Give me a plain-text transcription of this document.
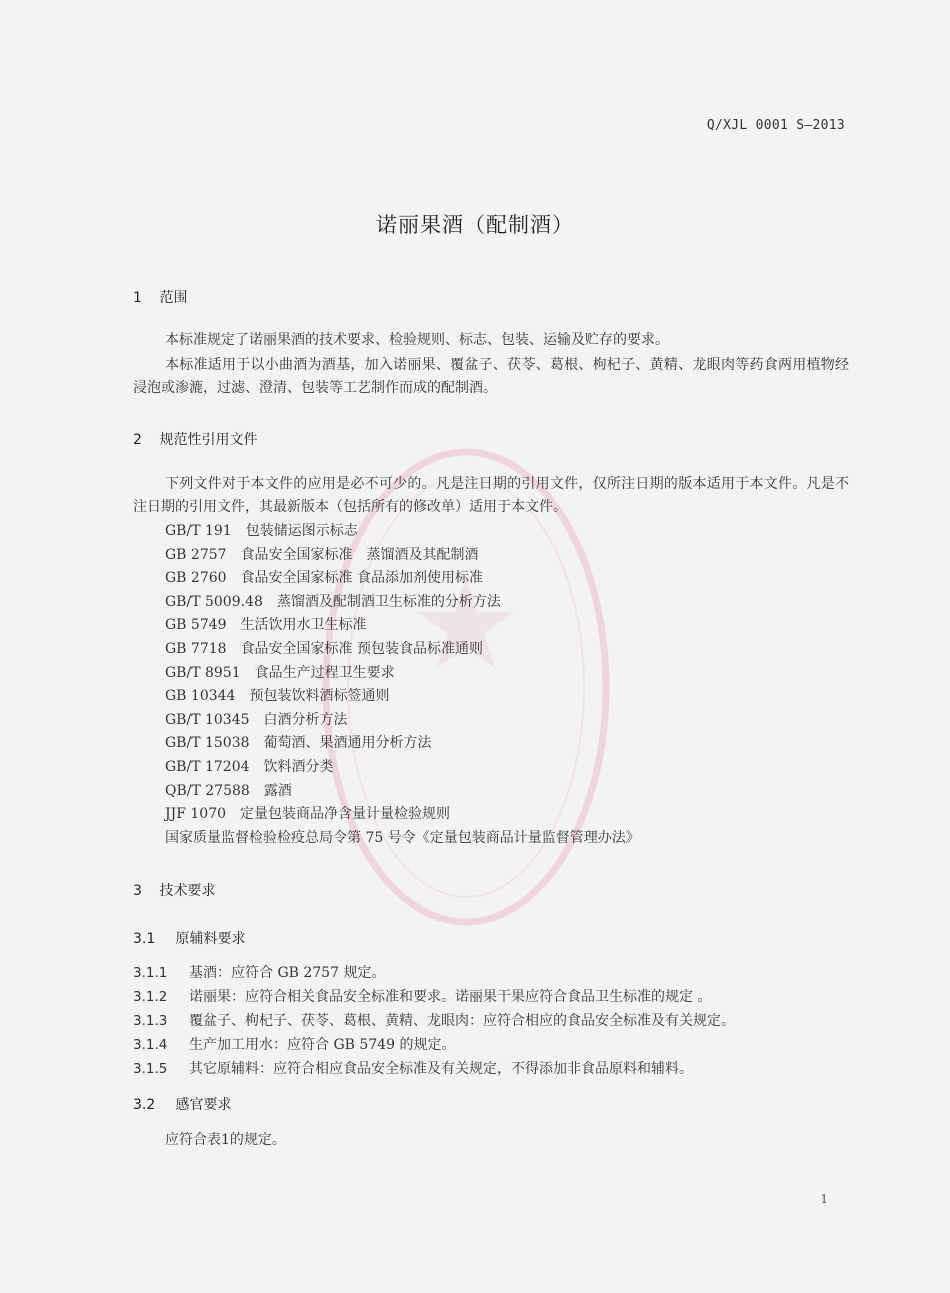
Q/XJL 0001 S—2013
诺丽果酒（配制酒）
1 范围
本标准规定了诺丽果酒的技术要求、检验规则、标志、包装、运输及贮存的要求。
本标准适用于以小曲酒为酒基，加入诺丽果、覆盆子、茯苓、葛根、枸杞子、黄精、龙眼肉等药食两用植物经浸泡或渗漉，过滤、澄清、包装等工艺制作而成的配制酒。
2 规范性引用文件
下列文件对于本文件的应用是必不可少的。凡是注日期的引用文件，仅所注日期的版本适用于本文件。凡是不注日期的引用文件，其最新版本（包括所有的修改单）适用于本文件。
GB/T 191 包装储运图示标志
GB 2757 食品安全国家标准　蒸馏酒及其配制酒
GB 2760 食品安全国家标准 食品添加剂使用标准
GB/T 5009.48 蒸馏酒及配制酒卫生标准的分析方法
GB 5749 生活饮用水卫生标准
GB 7718 食品安全国家标准 预包装食品标准通则
GB/T 8951 食品生产过程卫生要求
GB 10344 预包装饮料酒标签通则
GB/T 10345 白酒分析方法
GB/T 15038 葡萄酒、果酒通用分析方法
GB/T 17204 饮料酒分类
QB/T 27588 露酒
JJF 1070 定量包装商品净含量计量检验规则
国家质量监督检验检疫总局令第 75 号令《定量包装商品计量监督管理办法》
3 技术要求
3.1 原辅料要求
3.1.1 基酒：应符合 GB 2757 规定。
3.1.2 诺丽果：应符合相关食品安全标准和要求。诺丽果干果应符合食品卫生标准的规定 。
3.1.3 覆盆子、枸杞子、茯苓、葛根、黄精、龙眼肉：应符合相应的食品安全标准及有关规定。
3.1.4 生产加工用水：应符合 GB 5749 的规定。
3.1.5 其它原辅料：应符合相应食品安全标准及有关规定，不得添加非食品原料和辅料。
3.2 感官要求
应符合表1的规定。
1
